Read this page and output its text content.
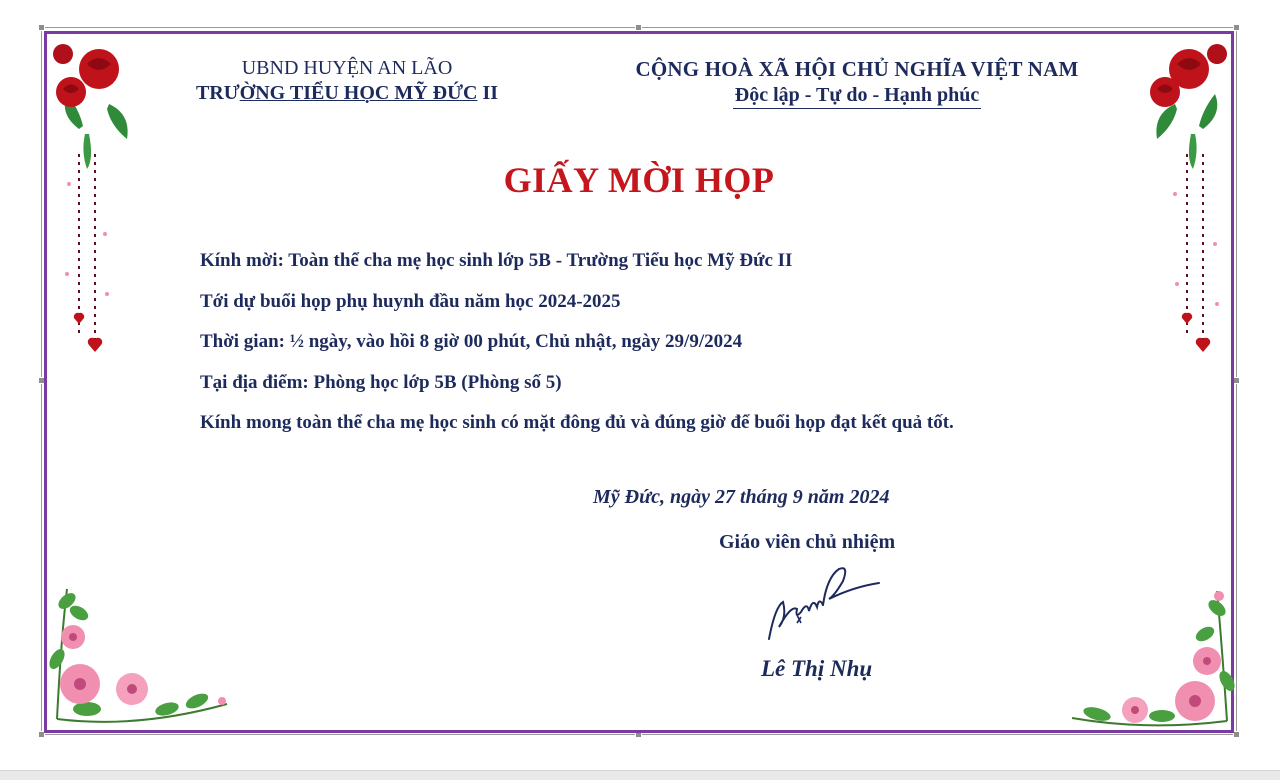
UBND HUYỆN AN LÃO
TRƯỜNG TIỂU HỌC MỸ ĐỨC II
CỘNG HOÀ XÃ HỘI CHỦ NGHĨA VIỆT NAM
Độc lập - Tự do - Hạnh phúc
GIẤY MỜI HỌP
Kính mời: Toàn thể cha mẹ học sinh lớp 5B - Trường Tiểu học Mỹ Đức II
Tới dự buổi họp phụ huynh đầu năm học 2024-2025
Thời gian: ½ ngày, vào hồi 8 giờ 00 phút, Chủ nhật, ngày 29/9/2024
Tại địa điểm: Phòng học lớp 5B (Phòng số 5)
Kính mong toàn thể cha mẹ học sinh có mặt đông đủ và đúng giờ để buổi họp đạt kết quả tốt.
Mỹ Đức, ngày 27 tháng 9 năm 2024
Giáo viên chủ nhiệm
Lê Thị Nhụ
